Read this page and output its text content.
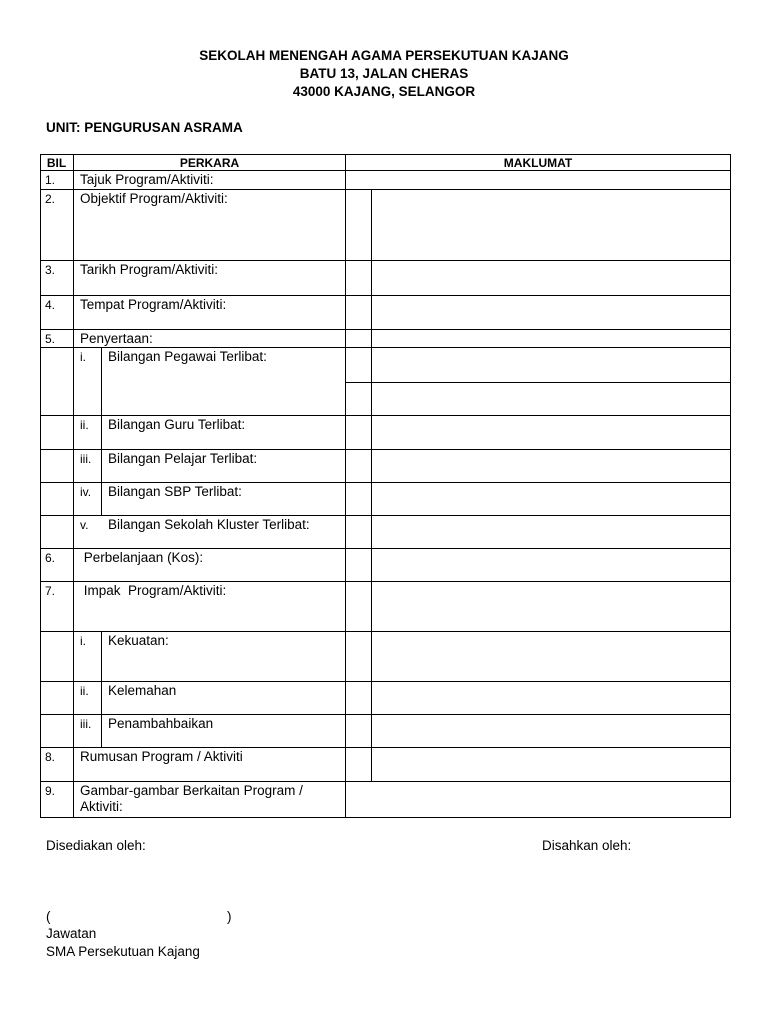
SEKOLAH MENENGAH AGAMA PERSEKUTUAN KAJANG
BATU 13, JALAN CHERAS
43000 KAJANG, SELANGOR
UNIT: PENGURUSAN ASRAMA
BIL	PERKARA	MAKLUMAT
1. Tajuk Program/Aktiviti:
2. Objektif Program/Aktiviti:
3. Tarikh Program/Aktiviti:
4. Tempat Program/Aktiviti:
5. Penyertaan:
i. Bilangan Pegawai Terlibat:
ii. Bilangan Guru Terlibat:
iii. Bilangan Pelajar Terlibat:
iv. Bilangan SBP Terlibat:
v. Bilangan Sekolah Kluster Terlibat:
6. Perbelanjaan (Kos):
7. Impak  Program/Aktiviti:
i. Kekuatan:
ii. Kelemahan
iii. Penambahbaikan
8. Rumusan Program / Aktiviti
9. Gambar-gambar Berkaitan Program / Aktiviti:
Disediakan oleh:	Disahkan oleh:
(	)
Jawatan
SMA Persekutuan Kajang
